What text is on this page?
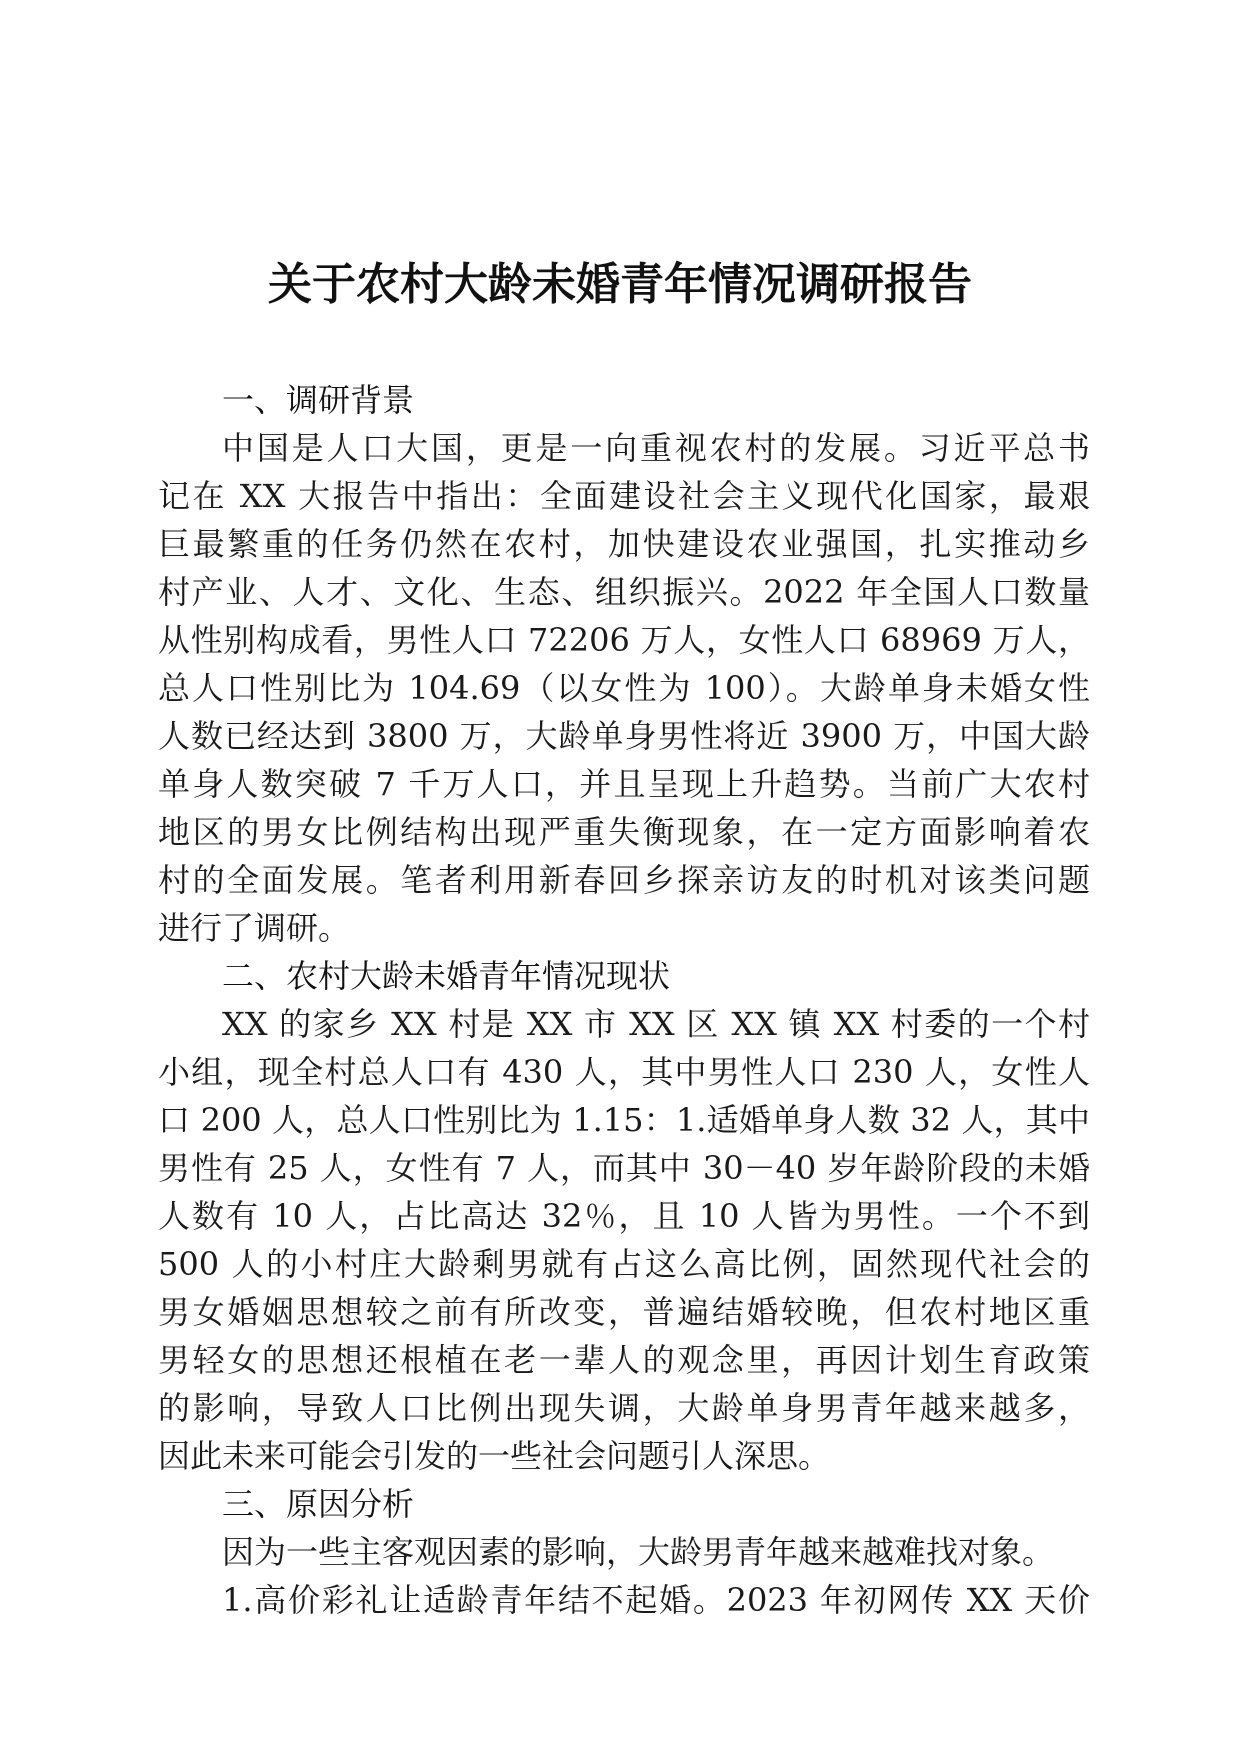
关于农村大龄未婚青年情况调研报告
一、调研背景

中国是人口大国，更是一向重视农村的发展。习近平总书
记在 XX 大报告中指出：全面建设社会主义现代化国家，最艰
巨最繁重的任务仍然在农村，加快建设农业强国，扎实推动乡
村产业、人才、文化、生态、组织振兴。2022 年全国人口数量
从性别构成看，男性人口 72206 万人，女性人口 68969 万人，
总人口性别比为 104.69（以女性为 100）。大龄单身未婚女性
人数已经达到 3800 万，大龄单身男性将近 3900 万，中国大龄
单身人数突破 7 千万人口，并且呈现上升趋势。当前广大农村
地区的男女比例结构出现严重失衡现象，在一定方面影响着农
村的全面发展。笔者利用新春回乡探亲访友的时机对该类问题
进行了调研。

二、农村大龄未婚青年情况现状

XX 的家乡 XX 村是 XX 市 XX 区 XX 镇 XX 村委的一个村
小组，现全村总人口有 430 人，其中男性人口 230 人，女性人
口 200 人，总人口性别比为 1.15：1.适婚单身人数 32 人，其中
男性有 25 人，女性有 7 人，而其中 30－40 岁年龄阶段的未婚
人数有 10 人，占比高达 32％，且 10 人皆为男性。一个不到
500 人的小村庄大龄剩男就有占这么高比例，固然现代社会的
男女婚姻思想较之前有所改变，普遍结婚较晚，但农村地区重
男轻女的思想还根植在老一辈人的观念里，再因计划生育政策
的影响，导致人口比例出现失调，大龄单身男青年越来越多，
因此未来可能会引发的一些社会问题引人深思。

三、原因分析

因为一些主客观因素的影响，大龄男青年越来越难找对象。

1.高价彩礼让适龄青年结不起婚。2023 年初网传 XX 天价
